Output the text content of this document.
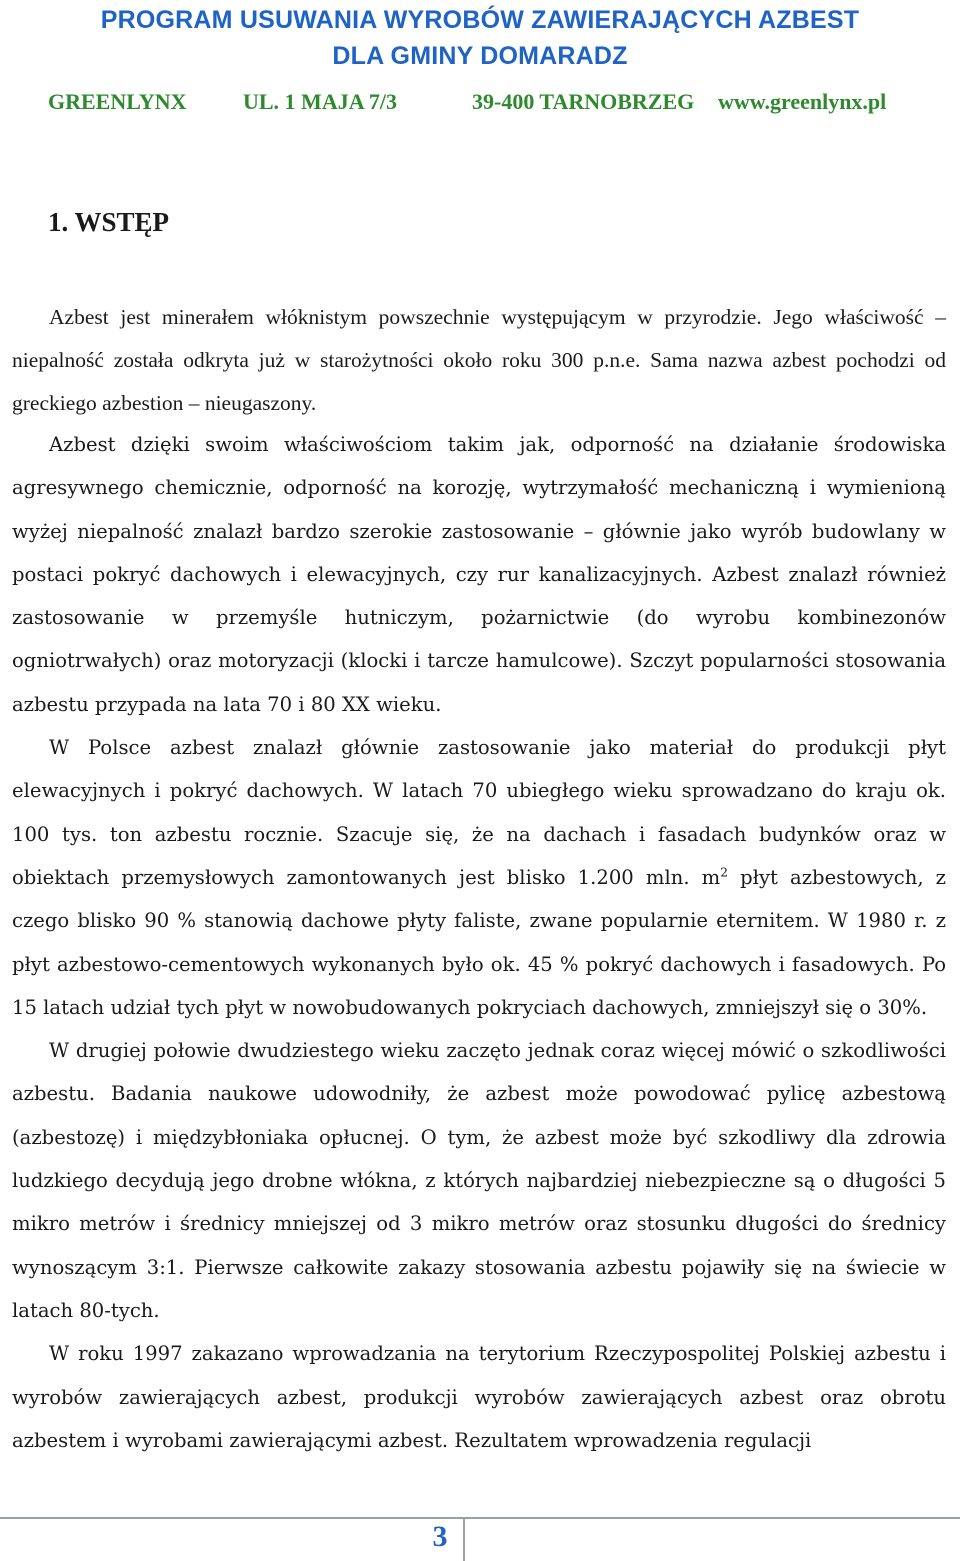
PROGRAM USUWANIA WYROBÓW ZAWIERAJĄCYCH AZBEST
DLA GMINY DOMARADZ
GREENLYNX	UL. 1 MAJA 7/3	39-400 TARNOBRZEG www.greenlynx.pl
1. WSTĘP

Azbest jest minerałem włóknistym powszechnie występującym w przyrodzie. Jego właściwość – niepalność została odkryta już w starożytności około roku 300 p.n.e. Sama nazwa azbest pochodzi od greckiego azbestion – nieugaszony.

Azbest dzięki swoim właściwościom takim jak, odporność na działanie środowiska agresywnego chemicznie, odporność na korozję, wytrzymałość mechaniczną i wymienioną wyżej niepalność znalazł bardzo szerokie zastosowanie – głównie jako wyrób budowlany w postaci pokryć dachowych i elewacyjnych, czy rur kanalizacyjnych. Azbest znalazł również zastosowanie w przemyśle hutniczym, pożarnictwie (do wyrobu kombinezonów ogniotrwałych) oraz motoryzacji (klocki i tarcze hamulcowe). Szczyt popularności stosowania azbestu przypada na lata 70 i 80 XX wieku.

W Polsce azbest znalazł głównie zastosowanie jako materiał do produkcji płyt elewacyjnych i pokryć dachowych. W latach 70 ubiegłego wieku sprowadzano do kraju ok. 100 tys. ton azbestu rocznie. Szacuje się, że na dachach i fasadach budynków oraz w obiektach przemysłowych zamontowanych jest blisko 1.200 mln. $m^2$ płyt azbestowych, z czego blisko 90 % stanowią dachowe płyty faliste, zwane popularnie eternitem. W 1980 r. z płyt azbestowo-cementowych wykonanych było ok. 45 % pokryć dachowych i fasadowych. Po 15 latach udział tych płyt w nowobudowanych pokryciach dachowych, zmniejszył się o 30%.

W drugiej połowie dwudziestego wieku zaczęto jednak coraz więcej mówić o szkodliwości azbestu. Badania naukowe udowodniły, że azbest może powodować pylicę azbestową (azbestozę) i międzybłoniaka opłucnej. O tym, że azbest może być szkodliwy dla zdrowia ludzkiego decydują jego drobne włókna, z których najbardziej niebezpieczne są o długości 5 mikro metrów i średnicy mniejszej od 3 mikro metrów oraz stosunku długości do średnicy wynoszącym 3:1. Pierwsze całkowite zakazy stosowania azbestu pojawiły się na świecie w latach 80-tych.

W roku 1997 zakazano wprowadzania na terytorium Rzeczypospolitej Polskiej azbestu i wyrobów zawierających azbest, produkcji wyrobów zawierających azbest oraz obrotu azbestem i wyrobami zawierającymi azbest. Rezultatem wprowadzenia regulacji

3
